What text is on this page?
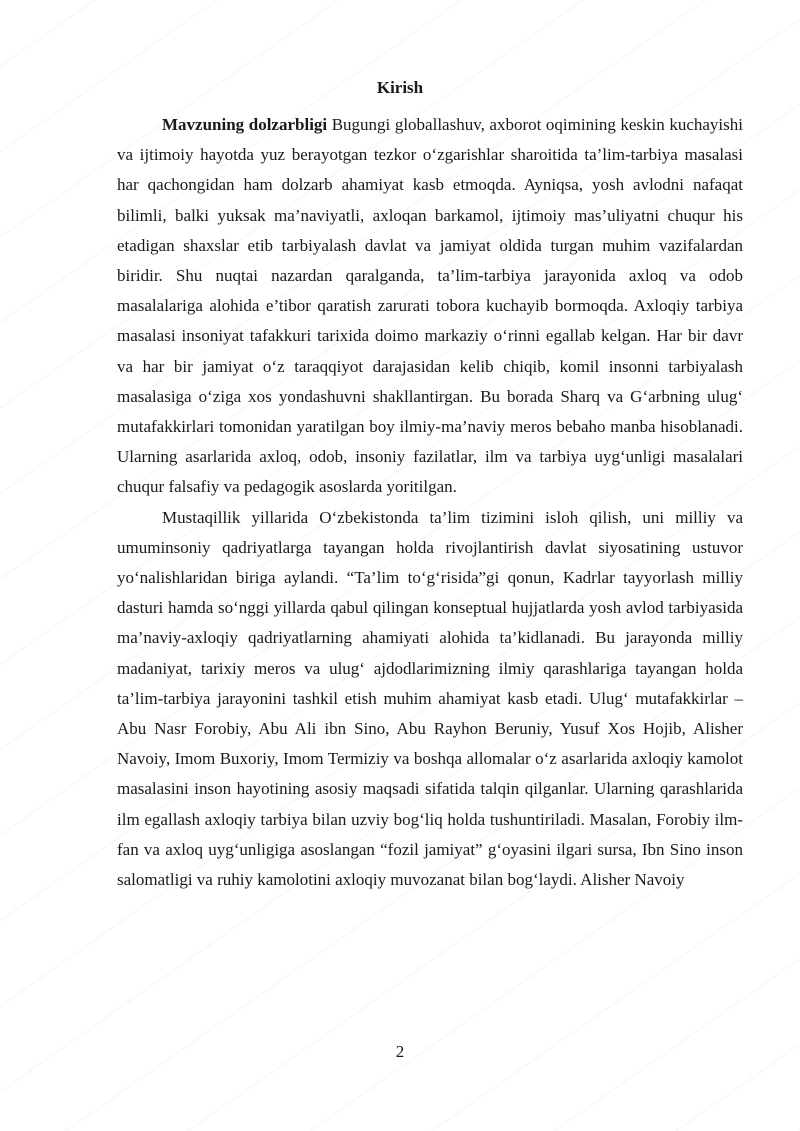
Kirish

Mavzuning dolzarbligi Bugungi globallashuv, axborot oqimining keskin kuchayishi va ijtimoiy hayotda yuz berayotgan tezkor o‘zgarishlar sharoitida ta’lim-tarbiya masalasi har qachongidan ham dolzarb ahamiyat kasb etmoqda. Ayniqsa, yosh avlodni nafaqat bilimli, balki yuksak ma’naviyatli, axloqan barkamol, ijtimoiy mas’uliyatni chuqur his etadigan shaxslar etib tarbiyalash davlat va jamiyat oldida turgan muhim vazifalardan biridir. Shu nuqtai nazardan qaralganda, ta’lim-tarbiya jarayonida axloq va odob masalalariga alohida e’tibor qaratish zarurati tobora kuchayib bormoqda. Axloqiy tarbiya masalasi insoniyat tafakkuri tarixida doimo markaziy o‘rinni egallab kelgan. Har bir davr va har bir jamiyat o‘z taraqqiyot darajasidan kelib chiqib, komil insonni tarbiyalash masalasiga o‘ziga xos yondashuvni shakllantirgan. Bu borada Sharq va G‘arbning ulug‘ mutafakkirlari tomonidan yaratilgan boy ilmiy-ma’naviy meros bebaho manba hisoblanadi. Ularning asarlarida axloq, odob, insoniy fazilatlar, ilm va tarbiya uyg‘unligi masalalari chuqur falsafiy va pedagogik asoslarda yoritilgan.

Mustaqillik yillarida O‘zbekistonda ta’lim tizimini isloh qilish, uni milliy va umuminsoniy qadriyatlarga tayangan holda rivojlantirish davlat siyosatining ustuvor yo‘nalishlaridan biriga aylandi. “Ta’lim to‘g‘risida”gi qonun, Kadrlar tayyorlash milliy dasturi hamda so‘nggi yillarda qabul qilingan konseptual hujjatlarda yosh avlod tarbiyasida ma’naviy-axloqiy qadriyatlarning ahamiyati alohida ta’kidlanadi. Bu jarayonda milliy madaniyat, tarixiy meros va ulug‘ ajdodlarimizning ilmiy qarashlariga tayangan holda ta’lim-tarbiya jarayonini tashkil etish muhim ahamiyat kasb etadi. Ulug‘ mutafakkirlar – Abu Nasr Forobiy, Abu Ali ibn Sino, Abu Rayhon Beruniy, Yusuf Xos Hojib, Alisher Navoiy, Imom Buxoriy, Imom Termiziy va boshqa allomalar o‘z asarlarida axloqiy kamolot masalasini inson hayotining asosiy maqsadi sifatida talqin qilganlar. Ularning qarashlarida ilm egallash axloqiy tarbiya bilan uzviy bog‘liq holda tushuntiriladi. Masalan, Forobiy ilm-fan va axloq uyg‘unligiga asoslangan “fozil jamiyat” g‘oyasini ilgari sursa, Ibn Sino inson salomatligi va ruhiy kamolotini axloqiy muvozanat bilan bog‘laydi. Alisher Navoiy

2
